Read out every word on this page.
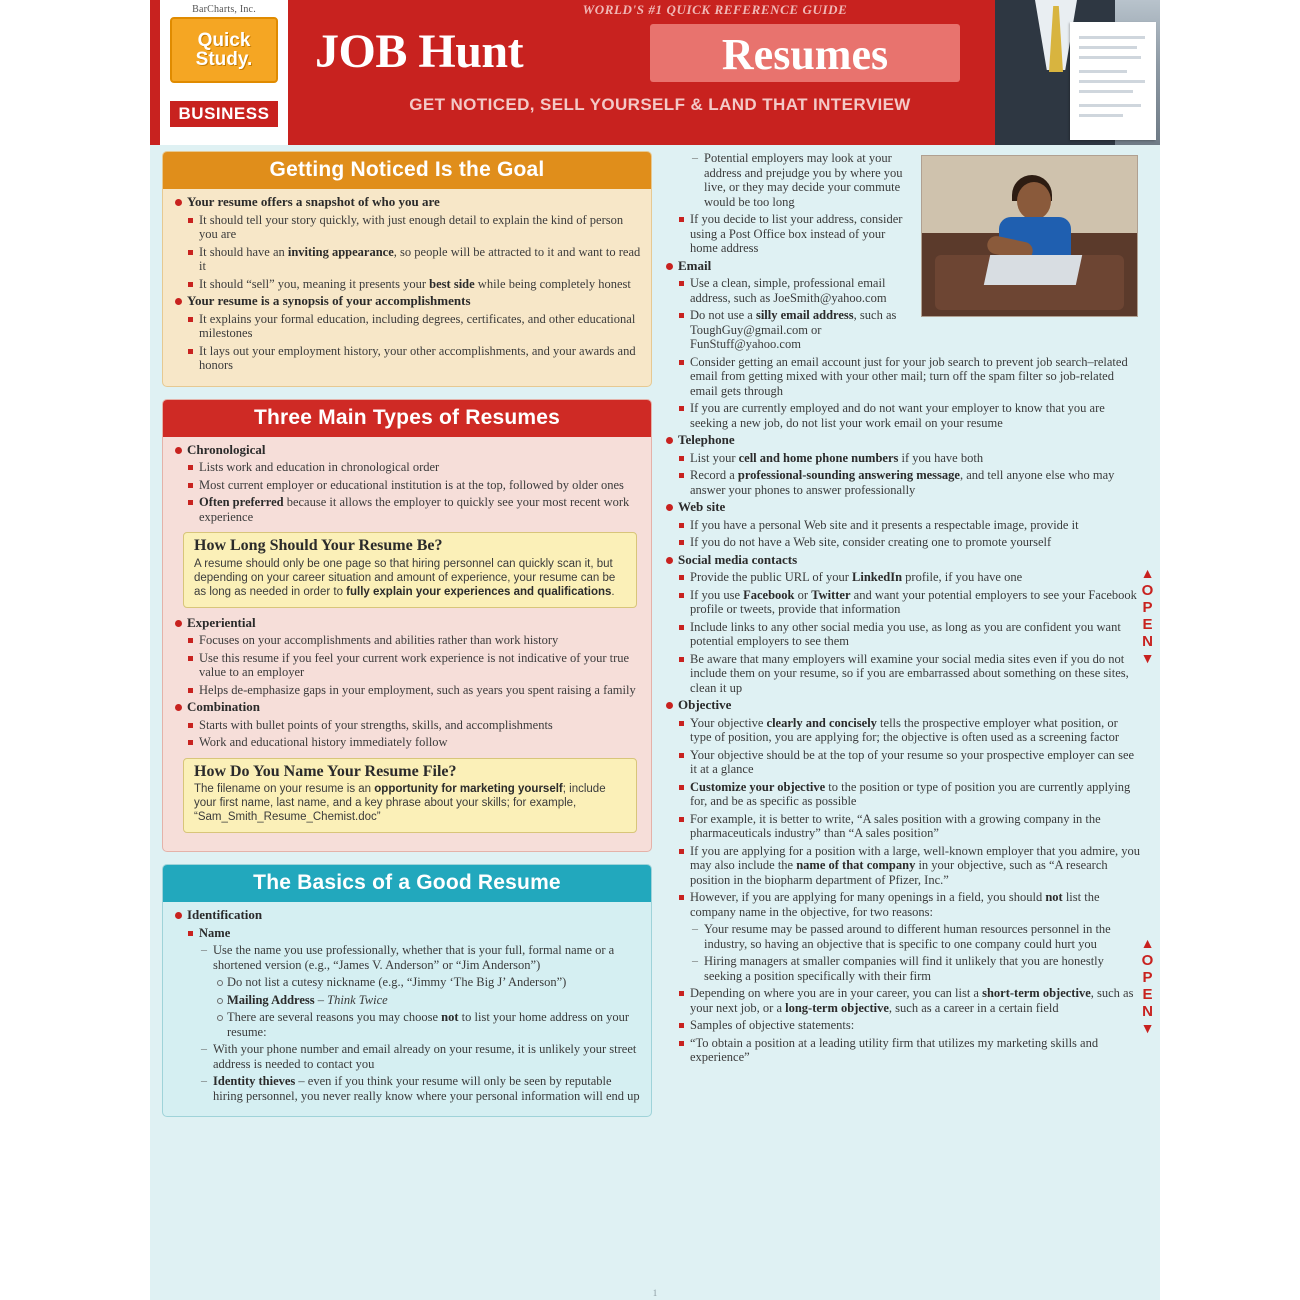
BarCharts, Inc.
Quick
Study.
BUSINESS
WORLD'S #1 QUICK REFERENCE GUIDE
JOB Hunt	Resumes
GET NOTICED, SELL YOURSELF & LAND THAT INTERVIEW
Getting Noticed Is the Goal
Your resume offers a snapshot of who you are
It should tell your story quickly, with just enough detail to explain the kind of person you are
It should have an inviting appearance, so people will be attracted to it and want to read it
It should “sell” you, meaning it presents your best side while being completely honest
Your resume is a synopsis of your accomplishments
It explains your formal education, including degrees, certificates, and other educational milestones
It lays out your employment history, your other accomplishments, and your awards and honors
Three Main Types of Resumes
Chronological
Lists work and education in chronological order
Most current employer or educational institution is at the top, followed by older ones
Often preferred because it allows the employer to quickly see your most recent work experience
How Long Should Your Resume Be?

A resume should only be one page so that hiring personnel can quickly scan it, but depending on your career situation and amount of experience, your resume can be as long as needed in order to fully explain your experiences and qualifications.

Experiential
Focuses on your accomplishments and abilities rather than work history
Use this resume if you feel your current work experience is not indicative of your true value to an employer
Helps de-emphasize gaps in your employment, such as years you spent raising a family
Combination
Starts with bullet points of your strengths, skills, and accomplishments
Work and educational history immediately follow
How Do You Name Your Resume File?

The filename on your resume is an opportunity for marketing yourself; include your first name, last name, and a key phrase about your skills; for example, “Sam_Smith_Resume_Chemist.doc”

The Basics of a Good Resume
Identification
Name
– Use the name you use professionally, whether that is your full, formal name or a shortened version (e.g., “James V. Anderson” or “Jim Anderson”)
Do not list a cutesy nickname (e.g., “Jimmy ‘The Big J’ Anderson”)
Mailing Address – Think Twice
There are several reasons you may choose not to list your home address on your resume:
– With your phone number and email already on your resume, it is unlikely your street address is needed to contact you
– Identity thieves – even if you think your resume will only be seen by reputable hiring personnel, you never really know where your personal information will end up
– Potential employers may look at your address and prejudge you by where you live, or they may decide your commute would be too long
If you decide to list your address, consider using a Post Office box instead of your home address
Email
Use a clean, simple, professional email address, such as JoeSmith@yahoo.com
Do not use a silly email address, such as ToughGuy@gmail.com or FunStuff@yahoo.com
Consider getting an email account just for your job search to prevent job search–related email from getting mixed with your other mail; turn off the spam filter so job-related email gets through
If you are currently employed and do not want your employer to know that you are seeking a new job, do not list your work email on your resume
Telephone
List your cell and home phone numbers if you have both
Record a professional-sounding answering message, and tell anyone else who may answer your phones to answer professionally
Web site
If you have a personal Web site and it presents a respectable image, provide it
If you do not have a Web site, consider creating one to promote yourself
Social media contacts
Provide the public URL of your LinkedIn profile, if you have one
If you use Facebook or Twitter and want your potential employers to see your Facebook profile or tweets, provide that information
Include links to any other social media you use, as long as you are confident you want potential employers to see them
Be aware that many employers will examine your social media sites even if you do not include them on your resume, so if you are embarrassed about something on these sites, clean it up
Objective
Your objective clearly and concisely tells the prospective employer what position, or type of position, you are applying for; the objective is often used as a screening factor
Your objective should be at the top of your resume so your prospective employer can see it at a glance
Customize your objective to the position or type of position you are currently applying for, and be as specific as possible
For example, it is better to write, “A sales position with a growing company in the pharmaceuticals industry” than “A sales position”
If you are applying for a position with a large, well-known employer that you admire, you may also include the name of that company in your objective, such as “A research position in the biopharm department of Pfizer, Inc.”
However, if you are applying for many openings in a field, you should not list the company name in the objective, for two reasons:
– Your resume may be passed around to different human resources personnel in the industry, so having an objective that is specific to one company could hurt you
– Hiring managers at smaller companies will find it unlikely that you are honestly seeking a position specifically with their firm
Depending on where you are in your career, you can list a short-term objective, such as your next job, or a long-term objective, such as a career in a certain field
Samples of objective statements:
“To obtain a position at a leading utility firm that utilizes my marketing skills and experience”
▲
O P E N
▼
▲
O P E N
▼
1
